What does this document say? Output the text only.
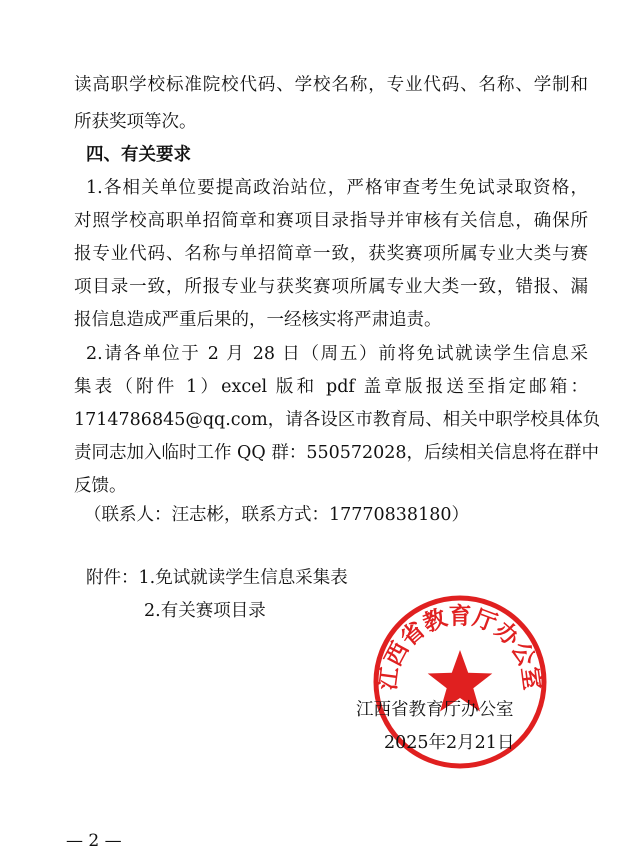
读高职学校标准院校代码、学校名称，专业代码、名称、学制和
所获奖项等次。
四、有关要求
1.各相关单位要提高政治站位，严格审查考生免试录取资格，
对照学校高职单招简章和赛项目录指导并审核有关信息，确保所
报专业代码、名称与单招简章一致，获奖赛项所属专业大类与赛
项目录一致，所报专业与获奖赛项所属专业大类一致，错报、漏
报信息造成严重后果的，一经核实将严肃追责。
2.请各单位于 2 月 28 日（周五）前将免试就读学生信息采
集表（附件 1）excel 版和 pdf 盖章版报送至指定邮箱：
1714786845@qq.com，请各设区市教育局、相关中职学校具体负
责同志加入临时工作 QQ 群：550572028，后续相关信息将在群中
反馈。
（联系人：汪志彬，联系方式：17770838180）
附件：1.免试就读学生信息采集表
2.有关赛项目录
江西省教育厅办公室
江西省教育厅办公室
2025年2月21日
— 2 —
